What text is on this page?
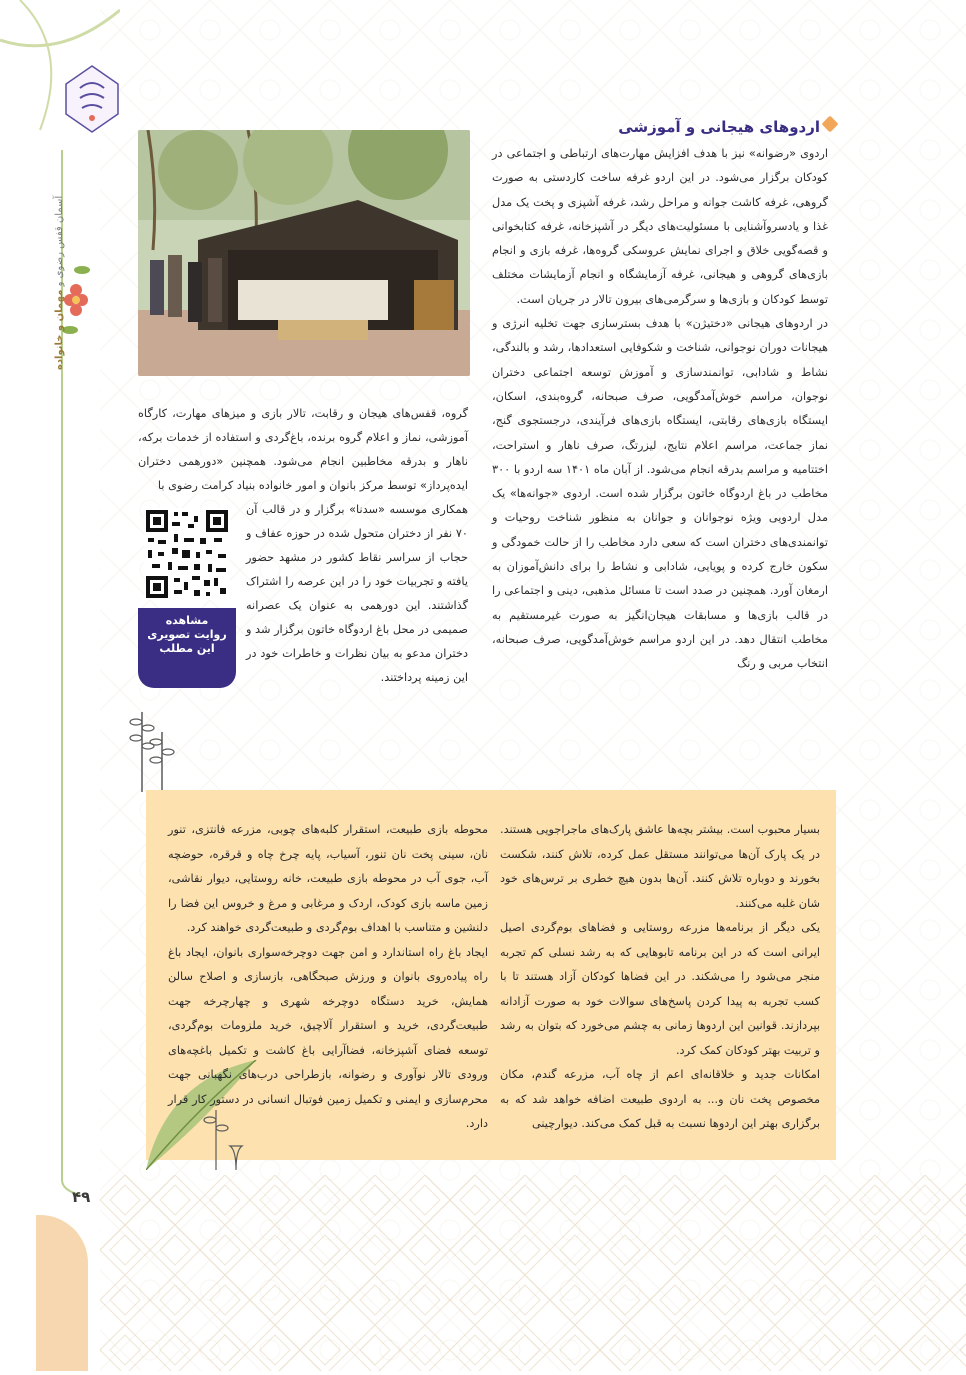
آسمان قفس رضوی و مهمان و خانواده
۴۹
اردوهای هیجانی و آموزشی

اردوی «رضوانه» نیز با هدف افزایش مهارت‌های ارتباطی و اجتماعی در کودکان برگزار می‌شود. در این اردو غرفه ساخت کاردستی به صورت گروهی، غرفه کاشت جوانه و مراحل رشد، غرفه آشپزی و پخت یک مدل غذا و یادسروآشنایی با مسئولیت‌های دیگر در آشپزخانه، غرفه کتابخوانی و قصه‌گویی خلاق و اجرای نمایش عروسکی گروه‌ها، غرفه بازی و انجام بازی‌های گروهی و هیجانی، غرفه آزمایشگاه و انجام آزمایشات مختلف توسط کودکان و بازی‌ها و سرگرمی‌های بیرون تالار در جریان است.

در اردوهای هیجانی «دختیژن» با هدف بسترسازی جهت تخلیه انرژی و هیجانات دوران نوجوانی، شناخت و شکوفایی استعدادها، رشد و بالندگی، نشاط و شادابی، توانمندسازی و آموزش توسعه اجتماعی دختران نوجوان، مراسم خوش‌آمدگویی، صرف صبحانه، گروه‌بندی، اسکان، ایستگاه بازی‌های رقابتی، ایستگاه بازی‌های فرآیندی، درجستجوی گنج، نماز جماعت، مراسم اعلام نتایج، لیزرتگ، صرف ناهار و استراحت، اختتامیه و مراسم بدرقه انجام می‌شود. از آبان ماه ۱۴۰۱ سه اردو با ۳۰۰ مخاطب در باغ اردوگاه خاتون برگزار شده است. اردوی «جوانه‌ها» یک مدل اردویی ویژه نوجوانان و جوانان به منظور شناخت روحیات و توانمندی‌های دختران است که سعی دارد مخاطب را از حالت خمودگی و سکون خارج کرده و پویایی، شادابی و نشاط را برای دانش‌آموزان به ارمغان آورد. همچنین در صدد است تا مسائل مذهبی، دینی و اجتماعی را در قالب بازی‌ها و مسابقات هیجان‌انگیز به صورت غیرمستقیم به مخاطب انتقال دهد. در این اردو مراسم خوش‌آمدگویی، صرف صبحانه، انتخاب مربی و رنگ

گروه، قفس‌های هیجان و رقابت، تالار بازی و میزهای مهارت، کارگاه آموزشی، نماز و اعلام گروه برنده، باغ‌گردی و استفاده از خدمات برکه، ناهار و بدرقه مخاطبین انجام می‌شود. همچنین «دورهمی دختران ایده‌پرداز» توسط مرکز بانوان و امور خانواده بنیاد کرامت رضوی با

مشاهده
روایت تصویری
این مطلب

همکاری موسسه «سدنا» برگزار و در قالب آن ۷۰ نفر از دختران متحول شده در حوزه عفاف و حجاب از سراسر نقاط کشور در مشهد حضور یافته و تجربیات خود را در این عرصه را اشتراک گذاشتند. این دورهمی به عنوان یک عصرانه صمیمی در محل باغ اردوگاه خاتون برگزار شد و دختران مدعو به بیان نظرات و خاطرات خود در این زمینه پرداختند.

بسیار محبوب است. بیشتر بچه‌ها عاشق پارک‌های ماجراجویی هستند. در یک پارک آن‌ها می‌توانند مستقل عمل کرده، تلاش کنند، شکست بخورند و دوباره تلاش کنند. آن‌ها بدون هیچ خطری بر ترس‌های خود شان غلبه می‌کنند.

یکی دیگر از برنامه‌ها مزرعه روستایی و فضاهای بوم‌گردی اصیل ایرانی است که در این برنامه تابوهایی که به رشد نسلی کم تجربه منجر می‌شود را می‌شکند. در این فضاها کودکان آزاد هستند تا با کسب تجربه به پیدا کردن پاسخ‌های سوالات خود به صورت آزادانه بپردازند. قوانین این اردوها زمانی به چشم می‌خورد که بتوان به رشد و تربیت بهتر کودکان کمک کرد.

امکانات جدید و خلاقانه‌ای اعم از چاه آب، مزرعه گندم، مکان مخصوص پخت نان و... به اردوی طبیعت اضافه خواهد شد که به برگزاری بهتر این اردوها نسبت به قبل کمک می‌کند. دیوارچینی

محوطه بازی طبیعت، استقرار کلبه‌های چوبی، مزرعه فانتزی، تنور نان، سینی پخت نان تنور، آسیاب، پایه چرخ چاه و قرقره، حوضچه آب، جوی آب در محوطه بازی طبیعت، خانه روستایی، دیوار نقاشی، زمین ماسه بازی کودک، اردک و مرغابی و مرغ و خروس این فضا را دلنشین و متناسب با اهداف بوم‌گردی و طبیعت‌گردی خواهند کرد.

ایجاد باغ راه استاندارد و امن جهت دوچرخه‌سواری بانوان، ایجاد باغ راه پیاده‌روی بانوان و ورزش صبحگاهی، بازسازی و اصلاح سالن همایش، خرید دستگاه دوچرخه شهری و چهارچرخه جهت طبیعت‌گردی، خرید و استقرار آلاچیق، خرید ملزومات بوم‌گردی، توسعه فضای آشپزخانه، فضاآرایی باغ کاشت و تکمیل باغچه‌های ورودی تالار نوآوری و رضوانه، بازطراحی درب‌های نگهبانی جهت محرم‌سازی و ایمنی و تکمیل زمین فوتبال انسانی در دستور کار قرار دارد.
